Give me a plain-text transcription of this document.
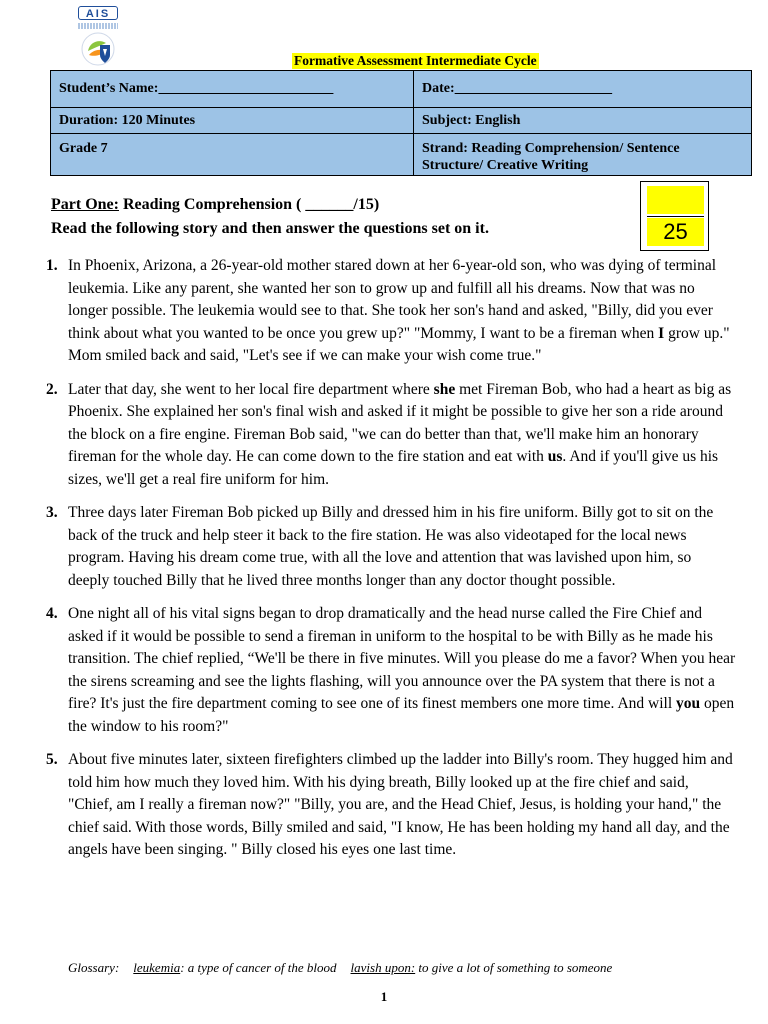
AIS
Formative Assessment Intermediate Cycle
Student’s Name:	Date:
Duration: 120 Minutes	Subject: English
Grade 7	Strand: Reading Comprehension/ Sentence Structure/ Creative Writing
Part One: Reading Comprehension ( ______/15)
Read the following story and then answer the questions set on it.	25
1 . In Phoenix, Arizona, a 26-year-old mother stared down at her 6-year-old son, who was dying of terminal leukemia. Like any parent, she wanted her son to grow up and fulfill all his dreams. Now that was no longer possible. The leukemia would see to that. She took her son's hand and asked, "Billy, did you ever think about what you wanted to be once you grew up?" "Mommy, I want to be a fireman when I grow up." Mom smiled back and said, "Let's see if we can make your wish come true."
2 . Later that day, she went to her local fire department where she met Fireman Bob, who had a heart as big as Phoenix. She explained her son's final wish and asked if it might be possible to give her son a ride around the block on a fire engine. Fireman Bob said, "we can do better than that, we'll make him an honorary fireman for the whole day. He can come down to the fire station and eat with us. And if you'll give us his sizes, we'll get a real fire uniform for him.
3 . Three days later Fireman Bob picked up Billy and dressed him in his fire uniform. Billy got to sit on the back of the truck and help steer it back to the fire station. He was also videotaped for the local news program. Having his dream come true, with all the love and attention that was lavished upon him, so deeply touched Billy that he lived three months longer than any doctor thought possible.
4 . One night all of his vital signs began to drop dramatically and the head nurse called the Fire Chief and asked if it would be possible to send a fireman in uniform to the hospital to be with Billy as he made his transition. The chief replied, “We'll be there in five minutes. Will you please do me a favor? When you hear the sirens screaming and see the lights flashing, will you announce over the PA system that there is not a fire? It's just the fire department coming to see one of its finest members one more time. And will you open the window to his room?"
5 . About five minutes later, sixteen firefighters climbed up the ladder into Billy's room. They hugged him and told him how much they loved him. With his dying breath, Billy looked up at the fire chief and said, "Chief, am I really a fireman now?" "Billy, you are, and the Head Chief, Jesus, is holding your hand," the chief said. With those words, Billy smiled and said, "I know, He has been holding my hand all day, and the angels have been singing. " Billy closed his eyes one last time.
Glossary: leukemia: a type of cancer of the blood lavish upon: to give a lot of something to someone
1
